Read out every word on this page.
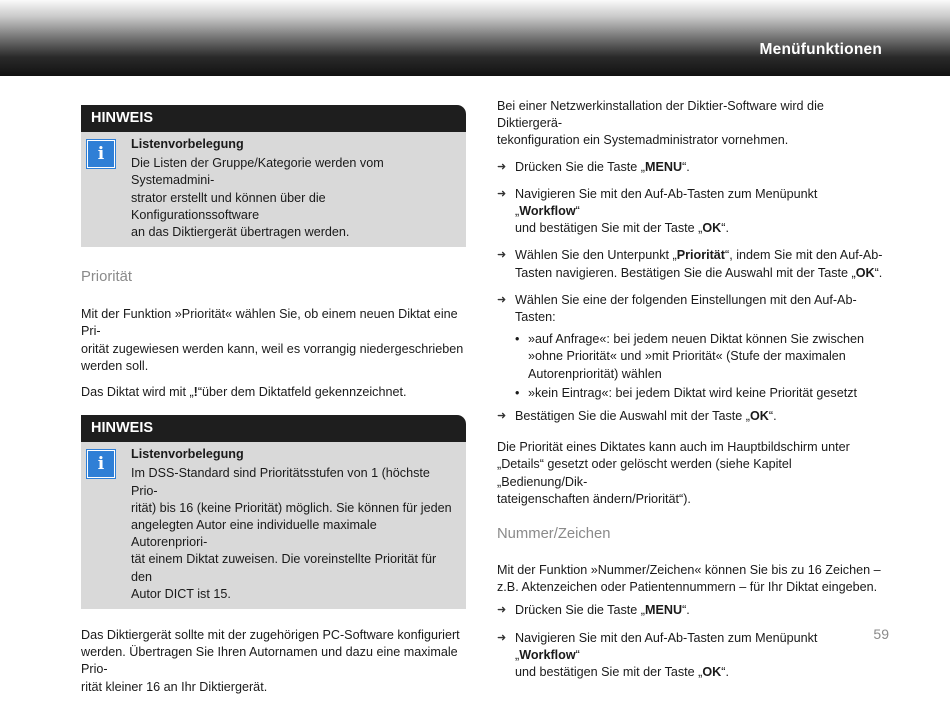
Menüfunktionen
HINWEIS
i	Listenvorbelegung
Die Listen der Gruppe/Kategorie werden vom Systemadmini-
strator erstellt und können über die Konfigurationssoftware
an das Diktiergerät übertragen werden.
Priorität

Mit der Funktion »Priorität« wählen Sie, ob einem neuen Diktat eine Pri-
orität zugewiesen werden kann, weil es vorrangig niedergeschrieben
werden soll.

Das Diktat wird mit „!“über dem Diktatfeld gekennzeichnet.

HINWEIS
i	Listenvorbelegung
Im DSS-Standard sind Prioritätsstufen von 1 (höchste Prio-
rität) bis 16 (keine Priorität) möglich. Sie können für jeden
angelegten Autor eine individuelle maximale Autorenpriori-
tät einem Diktat zuweisen. Die voreinstellte Priorität für den
Autor DICT ist 15.

Das Diktiergerät sollte mit der zugehörigen PC-Software konfiguriert
werden. Übertragen Sie Ihren Autornamen und dazu eine maximale Prio-
rität kleiner 16 an Ihr Diktiergerät.

Bei einer Netzwerkinstallation der Diktier-Software wird die Diktiergerä-
tekonfiguration ein Systemadministrator vornehmen.

➜ Drücken Sie die Taste „MENU“.
➜ Navigieren Sie mit den Auf-Ab-Tasten zum Menüpunkt „Workflow“
und bestätigen Sie mit der Taste „OK“.
➜ Wählen Sie den Unterpunkt „Priorität“, indem Sie mit den Auf-Ab-
Tasten navigieren. Bestätigen Sie die Auswahl mit der Taste „OK“.
➜ Wählen Sie eine der folgenden Einstellungen mit den Auf-Ab-Tasten:
• »auf Anfrage«: bei jedem neuen Diktat können Sie zwischen
»ohne Priorität« und »mit Priorität« (Stufe der maximalen
Autorenpriorität) wählen
• »kein Eintrag«: bei jedem Diktat wird keine Priorität gesetzt
➜ Bestätigen Sie die Auswahl mit der Taste „OK“.

Die Priorität eines Diktates kann auch im Hauptbildschirm unter
„Details“ gesetzt oder gelöscht werden (siehe Kapitel „Bedienung/Dik-
tateigenschaften ändern/Priorität“).

Nummer/Zeichen

Mit der Funktion »Nummer/Zeichen« können Sie bis zu 16 Zeichen –
z.B. Aktenzeichen oder Patientennummern – für Ihr Diktat eingeben.

➜ Drücken Sie die Taste „MENU“.
➜ Navigieren Sie mit den Auf-Ab-Tasten zum Menüpunkt „Workflow“
und bestätigen Sie mit der Taste „OK“.
59
